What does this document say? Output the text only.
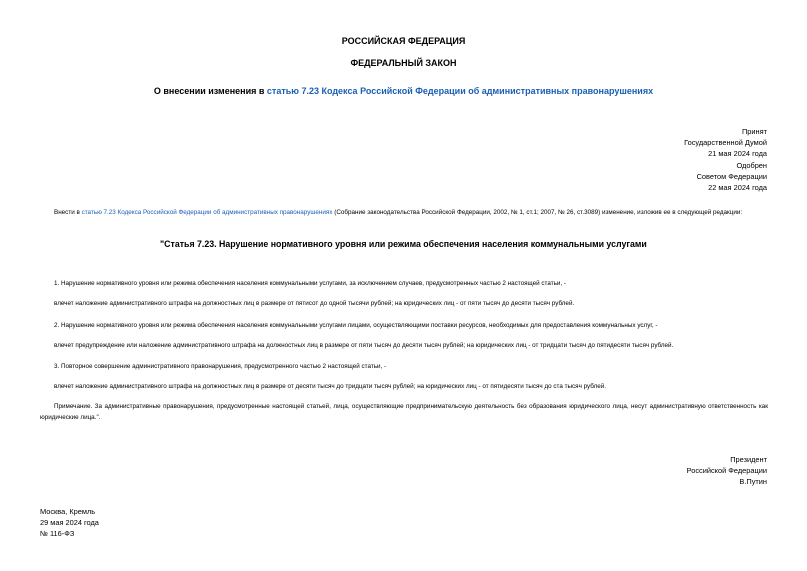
РОССИЙСКАЯ ФЕДЕРАЦИЯ
ФЕДЕРАЛЬНЫЙ ЗАКОН
О внесении изменения в статью 7.23 Кодекса Российской Федерации об административных правонарушениях
Принят
Государственной Думой
21 мая 2024 года
Одобрен
Советом Федерации
22 мая 2024 года
Внести в статью 7.23 Кодекса Российской Федерации об административных правонарушениях (Собрание законодательства Российской Федерации, 2002, № 1, ст.1; 2007, № 26, ст.3089) изменение, изложив ее в следующей редакции:
"Статья 7.23. Нарушение нормативного уровня или режима обеспечения населения коммунальными услугами
1. Нарушение нормативного уровня или режима обеспечения населения коммунальными услугами, за исключением случаев, предусмотренных частью 2 настоящей статьи, -
влечет наложение административного штрафа на должностных лиц в размере от пятисот до одной тысячи рублей; на юридических лиц - от пяти тысяч до десяти тысяч рублей.
2. Нарушение нормативного уровня или режима обеспечения населения коммунальными услугами лицами, осуществляющими поставки ресурсов, необходимых для предоставления коммунальных услуг, -
влечет предупреждение или наложение административного штрафа на должностных лиц в размере от пяти тысяч до десяти тысяч рублей; на юридических лиц - от тридцати тысяч до пятидесяти тысяч рублей.
3. Повторное совершение административного правонарушения, предусмотренного частью 2 настоящей статьи, -
влечет наложение административного штрафа на должностных лиц в размере от десяти тысяч до тридцати тысяч рублей; на юридических лиц - от пятидесяти тысяч до ста тысяч рублей.
Примечание. За административные правонарушения, предусмотренные настоящей статьей, лица, осуществляющие предпринимательскую деятельность без образования юридического лица, несут административную ответственность как юридические лица.".
Президент
Российской Федерации
В.Путин
Москва, Кремль
29 мая 2024 года
№ 116-ФЗ
